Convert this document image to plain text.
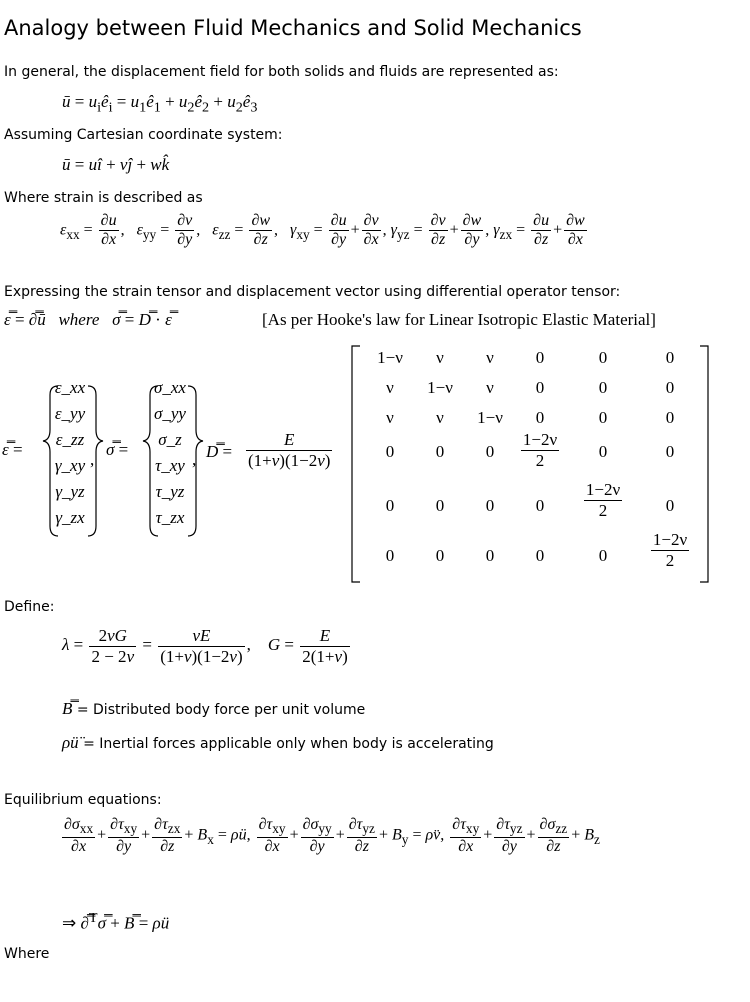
Analogy between Fluid Mechanics and Solid Mechanics
In general, the displacement field for both solids and fluids are represented as:
ū = $u_iê_i$ = $u_1ê_1$ + $u_2ê_2$ + $u_2ê_3$
Assuming Cartesian coordinate system:
ū = uî + vĵ + wk̂
Where strain is described as
$\varepsilon_{xx} = \frac{\partial u}{\partial x}$ ,   $\varepsilon_{yy} = \frac{\partial v}{\partial y}$ ,   $\varepsilon_{zz} = \frac{\partial w}{\partial z}$ ,   $\gamma_{xy} = \frac{\partial u}{\partial y} + \frac{\partial v}{\partial x}$ , $\gamma_{yz} = \frac{\partial v}{\partial z} + \frac{\partial w}{\partial y}$ , $\gamma_{zx} = \frac{\partial u}{\partial z} + \frac{\partial w}{\partial x}$
Expressing the strain tensor and displacement vector using differential operator tensor:
ε̿ = ∂̿ū where σ̿ = D̿ · ε̿	[As per Hooke's law for Linear Isotropic Elastic Material]
ε̿ =
ε_xx
ε_yy
ε_zz
γ_xy
γ_yz
γ_zx
,
σ̿ =
σ_xx
σ_yy
σ_z
τ_xy
τ_yz
τ_zx
, D̿ = $\frac{E}{(1+\nu)(1-2\nu)}$
1−ν	ν	ν	0	0	0
ν	1−ν	ν	0	0	0
ν	ν	1−ν	0	0	0
0	0	0	$\frac{1-2\nu}{2}$	0	0
0	0	0	0	$\frac{1-2\nu}{2}$	0
0	0	0	0	0	$\frac{1-2\nu}{2}$
Define:
$\lambda = \frac{2\nu G}{2 - 2\nu} = \frac{\nu E}{(1+\nu)(1-2\nu)}$ ,    $G = \frac{E}{2(1+\nu)}$
B̿ = Distributed body force per unit volume
ρü̈ = Inertial forces applicable only when body is accelerating
Equilibrium equations:
$\partial\sigma_{xx}$
∂x
+
$\partial\tau_{xy}$
∂y
+
$\partial\tau_{zx}$
∂z
+ $B_x$ = ρü,
$\partial\tau_{xy}$
∂x
+
$\partial\sigma_{yy}$
∂y
+
$\partial\tau_{yz}$
∂z
+ $B_y$ = ρv̈,
$\partial\tau_{xy}$
∂x
+
$\partial\tau_{yz}$
∂y
+
$\partial\sigma_{zz}$
∂z
+ $B_z$
⇒ ∂̿$^T$σ̿ + B̿ = ρü
Where
